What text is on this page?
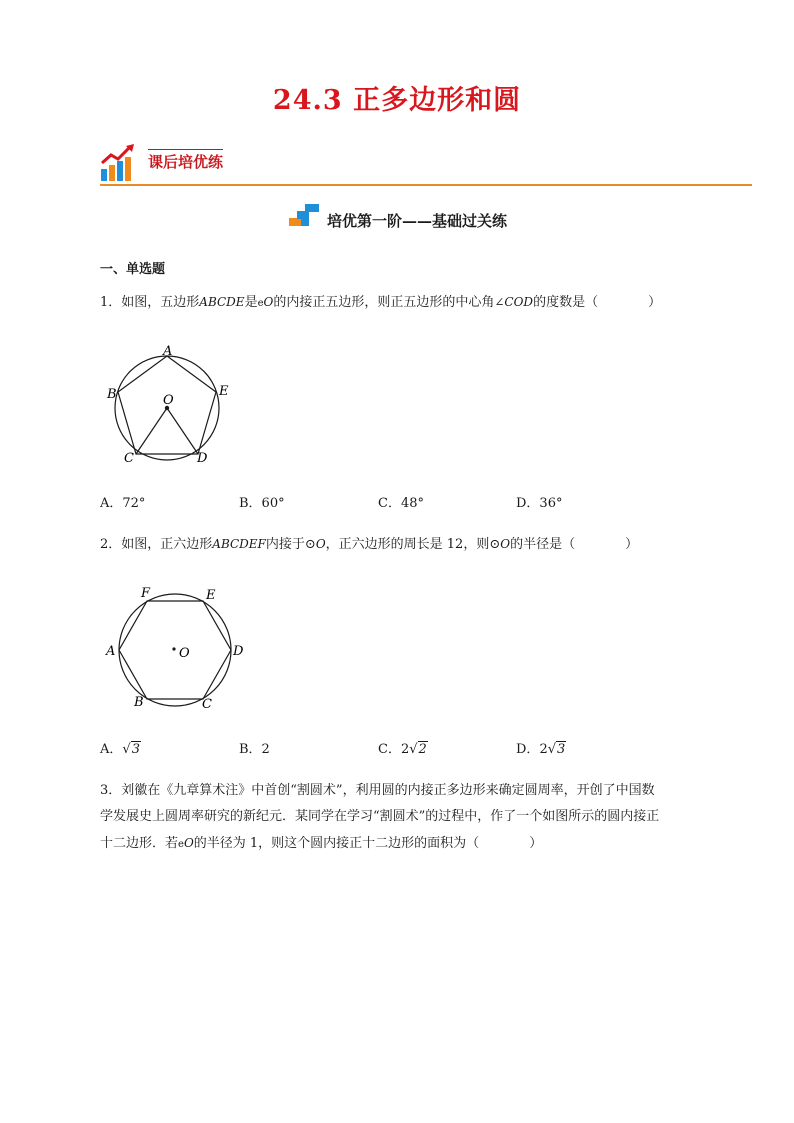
24.3 正多边形和圆
课后培优练
培优第一阶——基础过关练
一、单选题
1．如图，五边形ABCDE是eO的内接正五边形，则正五边形的中心角∠COD的度数是（	）
A
B
C	D
E
O
A．72°	B．60°	C．48°	D．36°
2．如图，正六边形ABCDEF内接于⊙O，正六边形的周长是 12，则⊙O的半径是（	）
F	E
A	D
B	C
O
A．√3	B．2	C．2√2	D．2√3
3．刘徽在《九章算术注》中首创“割圆术”，利用圆的内接正多边形来确定圆周率，开创了中国数
学发展史上圆周率研究的新纪元．某同学在学习“割圆术”的过程中，作了一个如图所示的圆内接正
十二边形．若eO的半径为 1，则这个圆内接正十二边形的面积为（	）
